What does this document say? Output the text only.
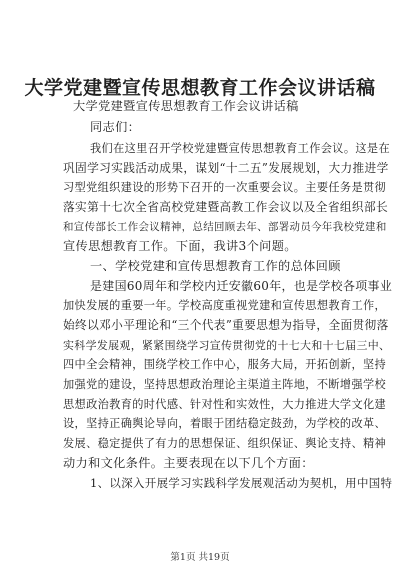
大学党建暨宣传思想教育工作会议讲话稿
大学党建暨宣传思想教育工作会议讲话稿
同志们：
我们在这里召开学校党建暨宣传思想教育工作会议。这是在
巩固学习实践活动成果，谋划“十二五”发展规划，大力推进学
习型党组织建设的形势下召开的一次重要会议。主要任务是贯彻
落实第十七次全省高校党建暨高教工作会议以及全省组织部长
和宣传部长工作会议精神，总结回顾去年、部署动员今年我校党建和
宣传思想教育工作。下面，我讲3个问题。
一、学校党建和宣传思想教育工作的总体回顾
是建国60周年和学校内迁安徽60年，也是学校各项事业
加快发展的重要一年。学校高度重视党建和宣传思想教育工作，
始终以邓小平理论和“三个代表”重要思想为指导，全面贯彻落
实科学发展观，紧紧围绕学习宣传贯彻党的十七大和十七届三中、
四中全会精神，围绕学校工作中心，服务大局，开拓创新，坚持
加强党的建设，坚持思想政治理论主渠道主阵地，不断增强学校
思想政治教育的时代感、针对性和实效性，大力推进大学文化建
设，坚持正确舆论导向，着眼于团结稳定鼓劲，为学校的改革、
发展、稳定提供了有力的思想保证、组织保证、舆论支持、精神
动力和文化条件。主要表现在以下几个方面：
1、以深入开展学习实践科学发展观活动为契机，用中国特
第1页 共19页
